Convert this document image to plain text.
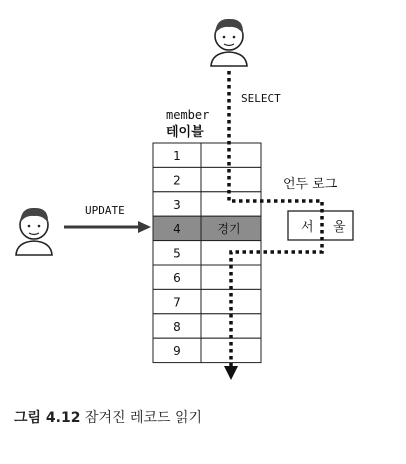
member
테이블
1
2
3
4	경기
5
6
7
8
9
언두 로그
서 울
SELECT
UPDATE
그림 4.12 잠겨진 레코드 읽기
